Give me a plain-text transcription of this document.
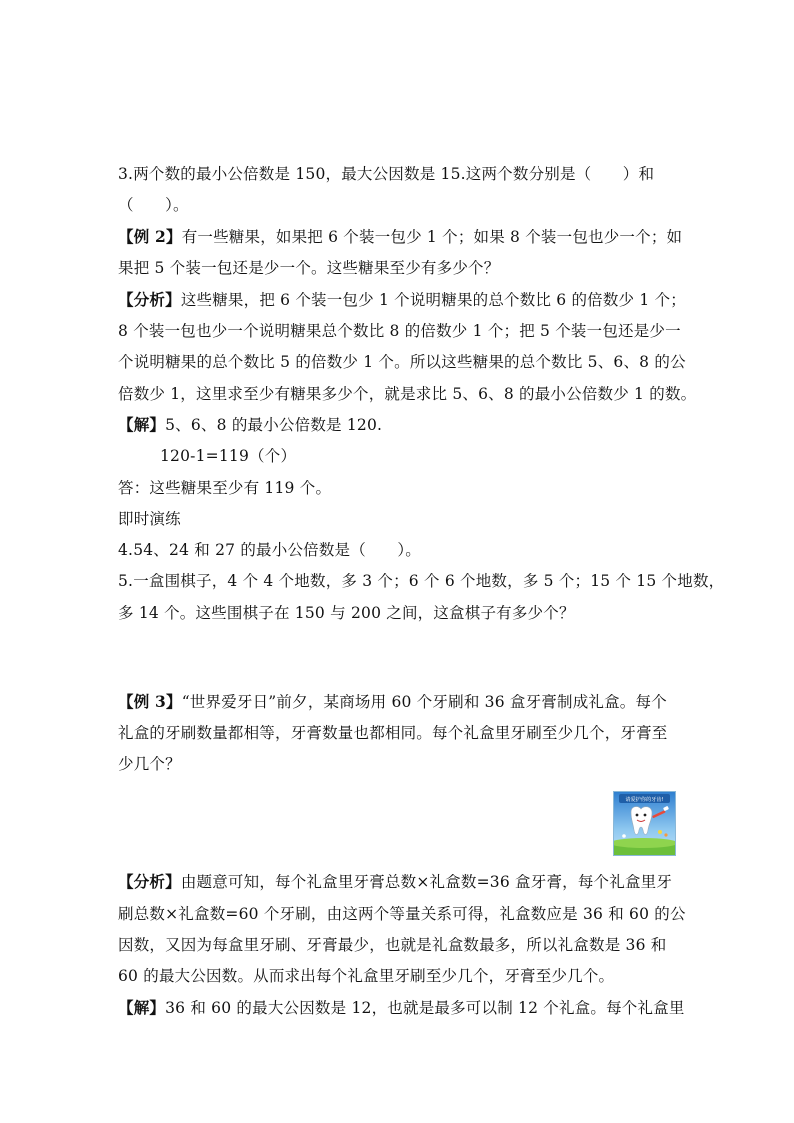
3.两个数的最小公倍数是 150，最大公因数是 15.这两个数分别是（　　）和
（　　）。
【例 2】有一些糖果，如果把 6 个装一包少 1 个；如果 8 个装一包也少一个；如
果把 5 个装一包还是少一个。这些糖果至少有多少个？
【分析】这些糖果，把 6 个装一包少 1 个说明糖果的总个数比 6 的倍数少 1 个；
8 个装一包也少一个说明糖果总个数比 8 的倍数少 1 个；把 5 个装一包还是少一
个说明糖果的总个数比 5 的倍数少 1 个。所以这些糖果的总个数比 5、6、8 的公
倍数少 1，这里求至少有糖果多少个，就是求比 5、6、8 的最小公倍数少 1 的数。
【解】5、6、8 的最小公倍数是 120.
120-1=119（个）
答：这些糖果至少有 119 个。
即时演练
4.54、24 和 27 的最小公倍数是（　　）。
5.一盒围棋子，4 个 4 个地数，多 3 个；6 个 6 个地数，多 5 个；15 个 15 个地数，
多 14 个。这些围棋子在 150 与 200 之间，这盒棋子有多少个？
【例 3】“世界爱牙日”前夕，某商场用 60 个牙刷和 36 盒牙膏制成礼盒。每个
礼盒的牙刷数量都相等，牙膏数量也都相同。每个礼盒里牙刷至少几个，牙膏至
少几个？
请爱护你的牙齿!
【分析】由题意可知，每个礼盒里牙膏总数×礼盒数=36 盒牙膏，每个礼盒里牙
刷总数×礼盒数=60 个牙刷，由这两个等量关系可得，礼盒数应是 36 和 60 的公
因数，又因为每盒里牙刷、牙膏最少，也就是礼盒数最多，所以礼盒数是 36 和
60 的最大公因数。从而求出每个礼盒里牙刷至少几个，牙膏至少几个。
【解】36 和 60 的最大公因数是 12，也就是最多可以制 12 个礼盒。每个礼盒里
